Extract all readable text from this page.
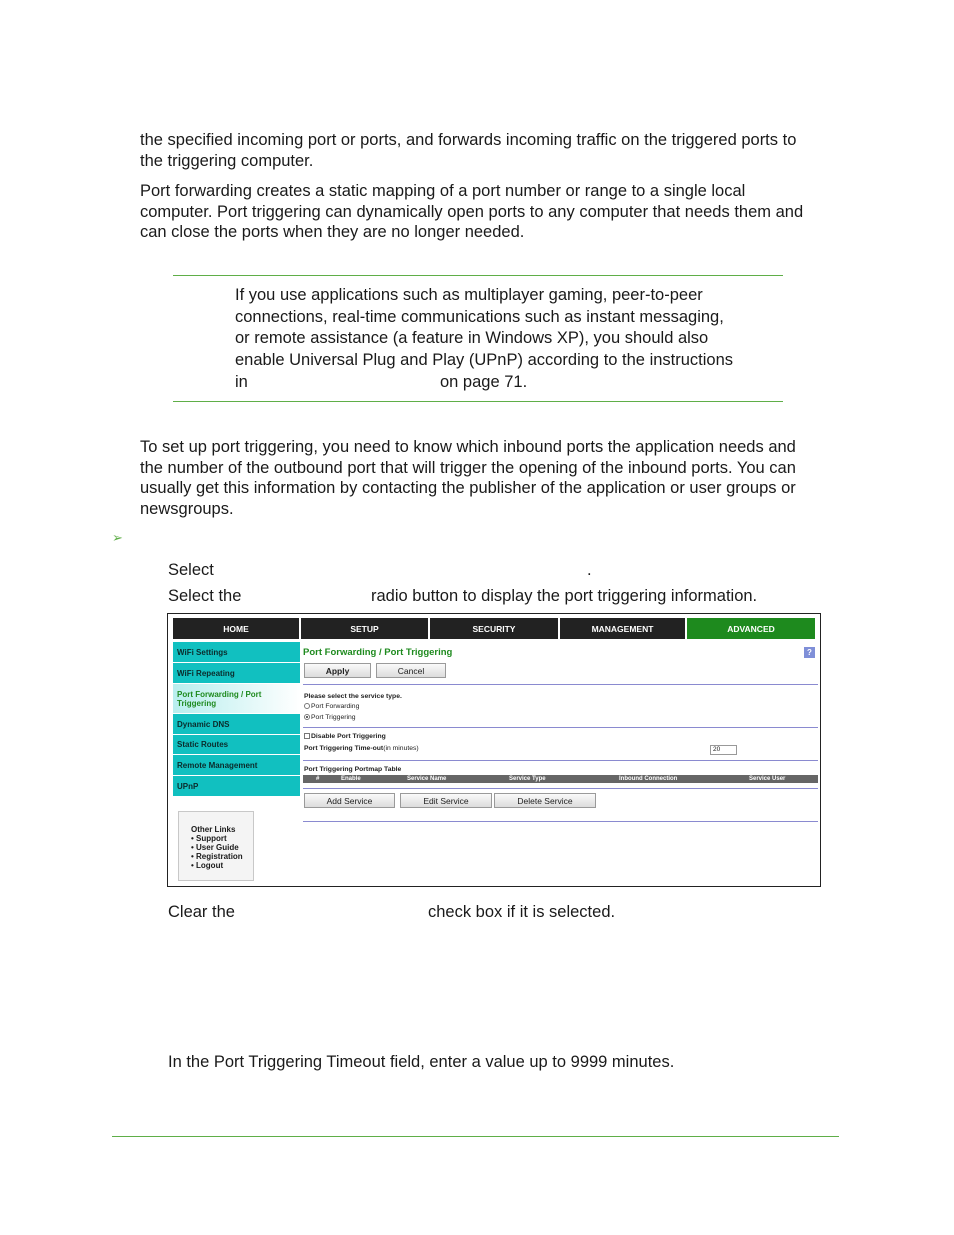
the specified incoming port or ports, and forwards incoming traffic on the triggered ports to
the triggering computer.

Port forwarding creates a static mapping of a port number or range to a single local
computer. Port triggering can dynamically open ports to any computer that needs them and
can close the ports when they are no longer needed.

If you use applications such as multiplayer gaming, peer-to-peer
connections, real-time communications such as instant messaging,
or remote assistance (a feature in Windows XP), you should also
enable Universal Plug and Play (UPnP) according to the instructions
in	on page 71.

To set up port triggering, you need to know which inbound ports the application needs and
the number of the outbound port that will trigger the opening of the inbound ports. You can
usually get this information by contacting the publisher of the application or user groups or
newsgroups.

➢
Select	.
Select the	radio button to display the port triggering information.
HOME	SETUP	SECURITY	MANAGEMENT	ADVANCED
WiFi Settings
WiFi Repeating
Port Forwarding / Port Triggering
Dynamic DNS
Static Routes
Remote Management
UPnP
Other Links
• Support
• User Guide
• Registration
• Logout
Port Forwarding / Port Triggering	?
Apply	Cancel
Please select the service type.
Port Forwarding
Port Triggering
Disable Port Triggering
Port Triggering Time-out(in minutes)	20
Port Triggering Portmap Table
#	Enable	Service Name	Service Type	Inbound Connection	Service User
Add Service	Edit Service	Delete Service
Clear the	check box if it is selected.
In the Port Triggering Timeout field, enter a value up to 9999 minutes.
